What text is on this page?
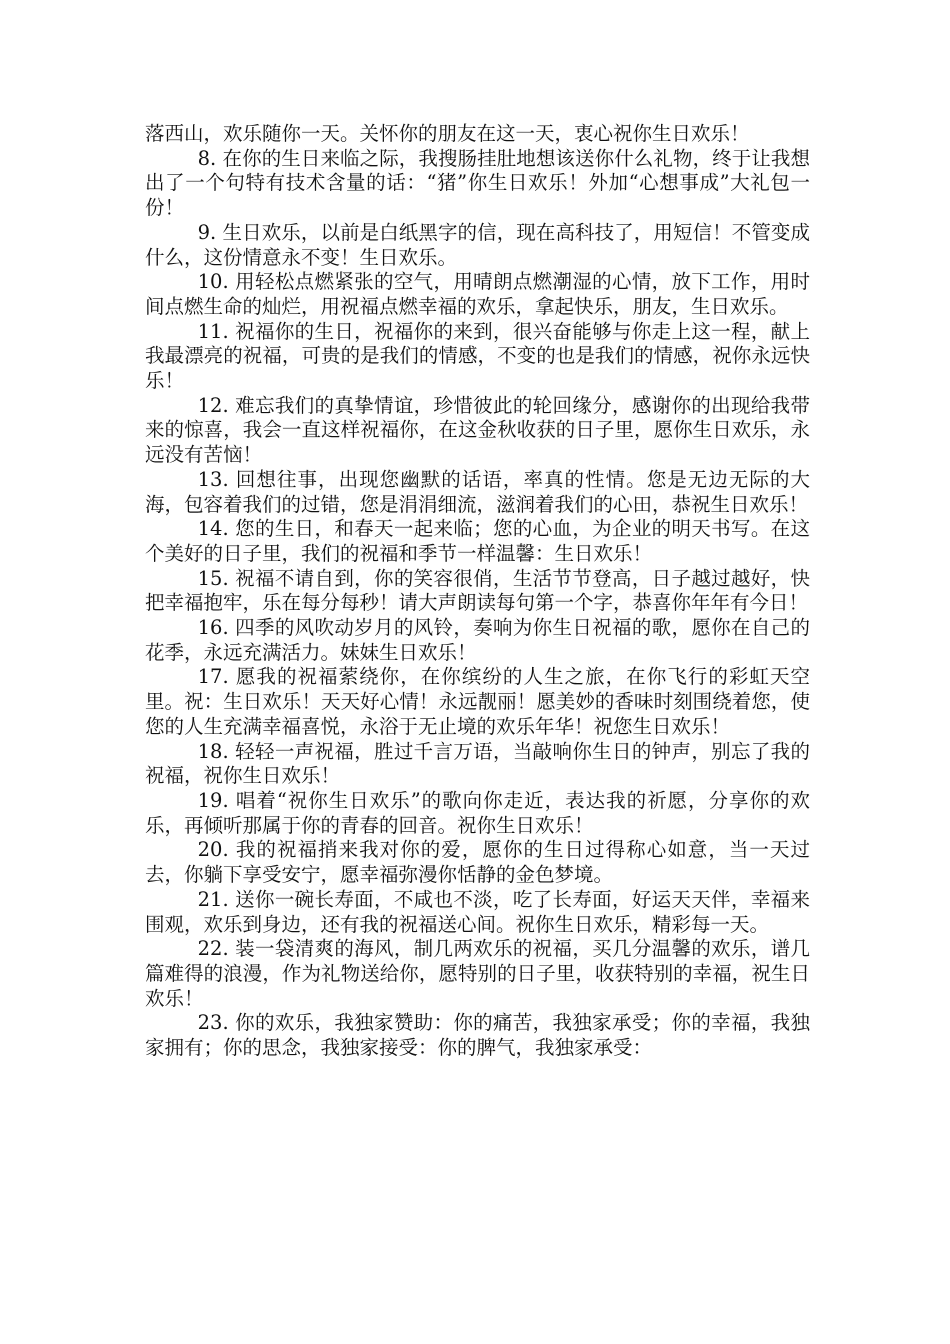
落西山，欢乐随你一天。关怀你的朋友在这一天，衷心祝你生日欢乐！

8. 在你的生日来临之际，我搜肠挂肚地想该送你什么礼物，终于让我想出了一个句特有技术含量的话：“猪”你生日欢乐！外加“心想事成”大礼包一份！

9. 生日欢乐，以前是白纸黑字的信，现在高科技了，用短信！不管变成什么，这份情意永不变！生日欢乐。

10. 用轻松点燃紧张的空气，用晴朗点燃潮湿的心情，放下工作，用时间点燃生命的灿烂，用祝福点燃幸福的欢乐，拿起快乐，朋友，生日欢乐。

11. 祝福你的生日，祝福你的来到，很兴奋能够与你走上这一程，献上我最漂亮的祝福，可贵的是我们的情感，不变的也是我们的情感，祝你永远快乐！

12. 难忘我们的真挚情谊，珍惜彼此的轮回缘分，感谢你的出现给我带来的惊喜，我会一直这样祝福你，在这金秋收获的日子里，愿你生日欢乐，永远没有苦恼！

13. 回想往事，出现您幽默的话语，率真的性情。您是无边无际的大海，包容着我们的过错，您是涓涓细流，滋润着我们的心田，恭祝生日欢乐！

14. 您的生日，和春天一起来临；您的心血，为企业的明天书写。在这个美好的日子里，我们的祝福和季节一样温馨：生日欢乐！

15. 祝福不请自到，你的笑容很俏，生活节节登高，日子越过越好，快把幸福抱牢，乐在每分每秒！请大声朗读每句第一个字，恭喜你年年有今日！

16. 四季的风吹动岁月的风铃，奏响为你生日祝福的歌，愿你在自己的花季，永远充满活力。妹妹生日欢乐！

17. 愿我的祝福萦绕你，在你缤纷的人生之旅，在你飞行的彩虹天空里。祝：生日欢乐！天天好心情！永远靓丽！愿美妙的香味时刻围绕着您，使您的人生充满幸福喜悦，永浴于无止境的欢乐年华！祝您生日欢乐！

18. 轻轻一声祝福，胜过千言万语，当敲响你生日的钟声，别忘了我的祝福，祝你生日欢乐！

19. 唱着“祝你生日欢乐”的歌向你走近，表达我的祈愿，分享你的欢乐，再倾听那属于你的青春的回音。祝你生日欢乐！

20. 我的祝福捎来我对你的爱，愿你的生日过得称心如意，当一天过去，你躺下享受安宁，愿幸福弥漫你恬静的金色梦境。

21. 送你一碗长寿面，不咸也不淡，吃了长寿面，好运天天伴，幸福来围观，欢乐到身边，还有我的祝福送心间。祝你生日欢乐，精彩每一天。

22. 装一袋清爽的海风，制几两欢乐的祝福，买几分温馨的欢乐，谱几篇难得的浪漫，作为礼物送给你，愿特别的日子里，收获特别的幸福，祝生日欢乐！

23. 你的欢乐，我独家赞助：你的痛苦，我独家承受；你的幸福，我独家拥有；你的思念，我独家接受：你的脾气，我独家承受：
